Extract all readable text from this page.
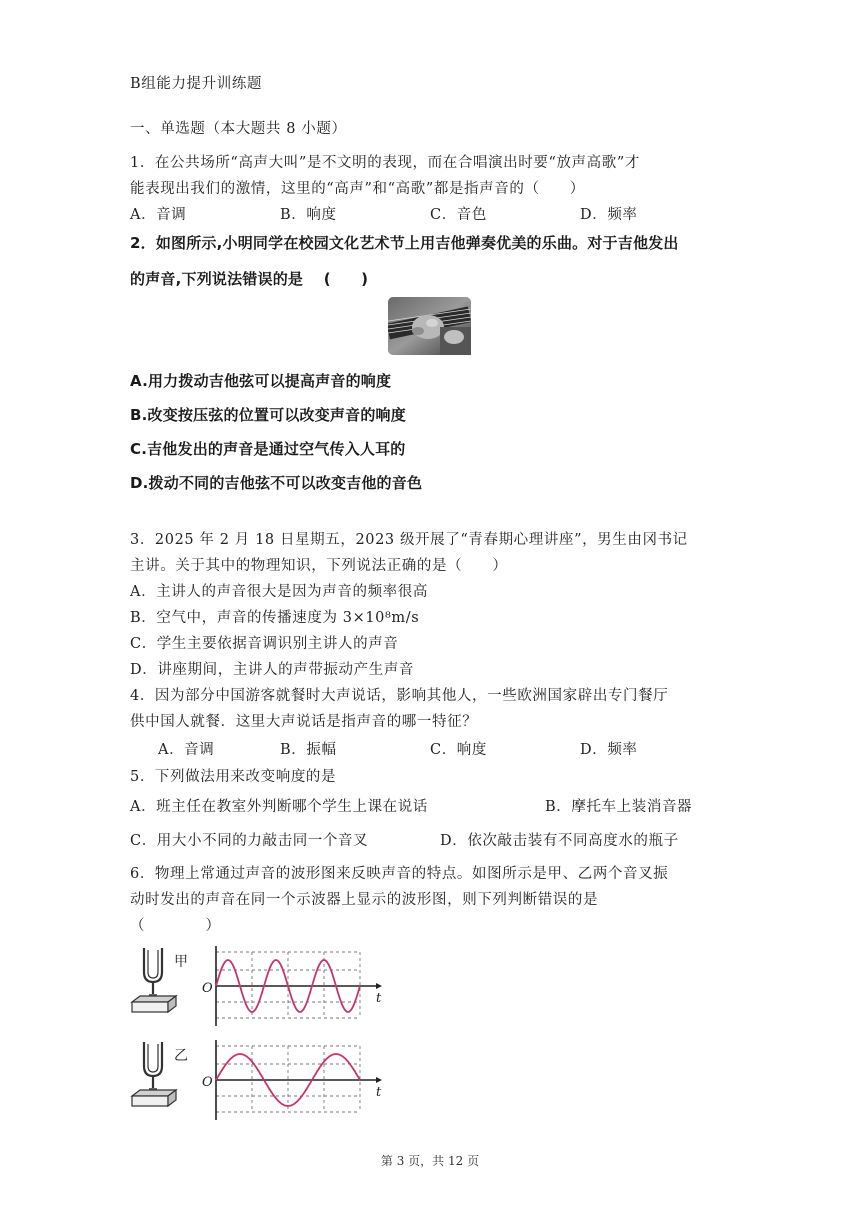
B组能力提升训练题
一、单选题（本大题共 8 小题）
1．在公共场所“高声大叫”是不文明的表现，而在合唱演出时要“放声高歌”才
能表现出我们的激情，这里的“高声”和“高歌”都是指声音的（　　）
A．音调	B．响度	C．音色	D．频率
2．如图所示,小明同学在校园文化艺术节上用吉他弹奏优美的乐曲。对于吉他发出
的声音,下列说法错误的是　 (　　)
A.用力拨动吉他弦可以提高声音的响度
B.改变按压弦的位置可以改变声音的响度
C.吉他发出的声音是通过空气传入人耳的
D.拨动不同的吉他弦不可以改变吉他的音色
3．2025 年 2 月 18 日星期五，2023 级开展了“青春期心理讲座”，男生由冈书记
主讲。关于其中的物理知识，下列说法正确的是（　　）
A．主讲人的声音很大是因为声音的频率很高
B．空气中，声音的传播速度为 3×10⁸m/s
C．学生主要依据音调识别主讲人的声音
D．讲座期间，主讲人的声带振动产生声音
4．因为部分中国游客就餐时大声说话，影响其他人，一些欧洲国家辟出专门餐厅
供中国人就餐．这里大声说话是指声音的哪一特征？
A．音调	B．振幅	C．响度	D．频率
5．下列做法用来改变响度的是
A．班主任在教室外判断哪个学生上课在说话	B．摩托车上装消音器
C．用大小不同的力敲击同一个音叉	D．依次敲击装有不同高度水的瓶子
6．物理上常通过声音的波形图来反映声音的特点。如图所示是甲、乙两个音叉振
动时发出的声音在同一个示波器上显示的波形图，则下列判断错误的是
（　　　　）
甲
O
t
乙
O
t
第 3 页，共 12 页
